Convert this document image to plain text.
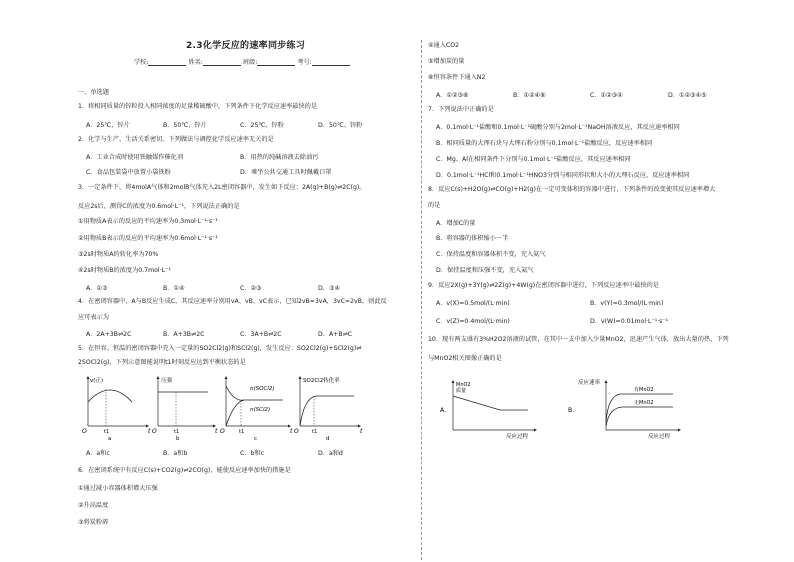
2.3化学反应的速率同步练习
学校:	姓名:	班级:	考号:
一、单选题
1．将相同质量的锌粒投入相同浓度的足量稀硫酸中，下列条件下化学反应速率最快的是
A．25℃、锌片	B．50℃、锌片	C．25℃、锌粉	D．50℃、锌粉
2．化学与生产、生活关系密切。下列做法与调控化学反应速率无关的是
A．工业合成时使用铁触媒作催化剂	B．用热的纯碱溶液去除油污
C．食品包装袋中放置小袋铁粉	D．乘坐公共交通工具时佩戴口罩
3．一定条件下，将4molA气体和2molB气体充入2L密闭容器中，发生如下反应：2A(g)+B(g)⇌2C(g)。
反应2s后，测得C的浓度为0.6mol·L⁻¹，下列说法正确的是
①用物质A表示的反应的平均速率为0.3mol·L⁻¹·s⁻¹
②用物质B表示的反应的平均速率为0.6mol·L⁻¹·s⁻¹
③2s时物质A的转化率为70%
④2s时物质B的浓度为0.7mol·L⁻¹
A．①③	B．①④	C．②③	D．③④
4．在密闭容器中，A与B反应生成C，其反应速率分别用vA、vB、vC表示，已知2vB=3vA，3vC=2vB，则此反
应可表示为
A．2A+3B⇌2C	B．A+3B⇌2C	C．3A+B⇌2C	D．A+B⇌C
5．在恒容、恒温的密闭容器中充入一定量的SO2Cl2(g)和SCl2(g)，发生反应：SO2Cl2(g)+SCl2(g)⇌
2SOCl2(g)，下列示意图能说明t1时刻反应达到平衡状态的是
v(正)
O	t1	t
a
压强
O	t1	t
b
n(SOCl2)
n(SCl2)
O	t1	t
c
SO2Cl2转化率
O	t1	t
d
A．a和c	B．a和b	C．b和c	D．a和d
6．在密闭系统中有反应C(s)+CO2(g)⇌2CO(g)，能使反应速率加快的措施是
①通过减小容器体积增大压强
②升高温度
③将炭粉碎
④通入CO2
⑤增加炭的量
⑥恒容条件下通入N2
A．①②③⑥	B．①②④⑥	C．①②③④	D．①②③④⑤
7．下列说法中正确的是
A．0.1mol·L⁻¹盐酸和0.1mol·L⁻¹硫酸分别与2mol·L⁻¹NaOH溶液反应，其反应速率相同
B．相同质量的大理石块与大理石粉分别与0.1mol·L⁻¹盐酸反应，反应速率相同
C．Mg、Al在相同条件下分别与0.1mol·L⁻¹盐酸反应，其反应速率相同
D．0.1mol·L⁻¹HCl和0.1mol·L⁻¹HNO3分别与相同形状和大小的大理石反应，反应速率相同
8．反应C(s)+H2O(g)⇌CO(g)+H2(g)在一定可变体积的容器中进行，下列条件的改变使其反应速率增大
的是
A．增加C的量
B．将容器的体积缩小一半
C．保持温度和容器体积不变，充入氦气
D．保持温度和压强不变，充入氦气
9．反应2X(g)+3Y(g)⇌2Z(g)+4W(g)在密闭容器中进行，下列反应速率中最快的是
A．v(X)=0.5mol/(L·min)	B．v(Y)=0.3mol/(L·min)
C．v(Z)=0.4mol/(L·min)	D．v(W)=0.01mol·L⁻¹·s⁻¹
10．现有两支盛有3%H2O2溶液的试管，在其中一支中加入少量MnO2，迅速产生气体，放出大量的热，下列
与MnO2相关图像正确的是
A．
MnO2
质量
反应过程
B．
反应速率
有MnO2
无MnO2
反应过程
